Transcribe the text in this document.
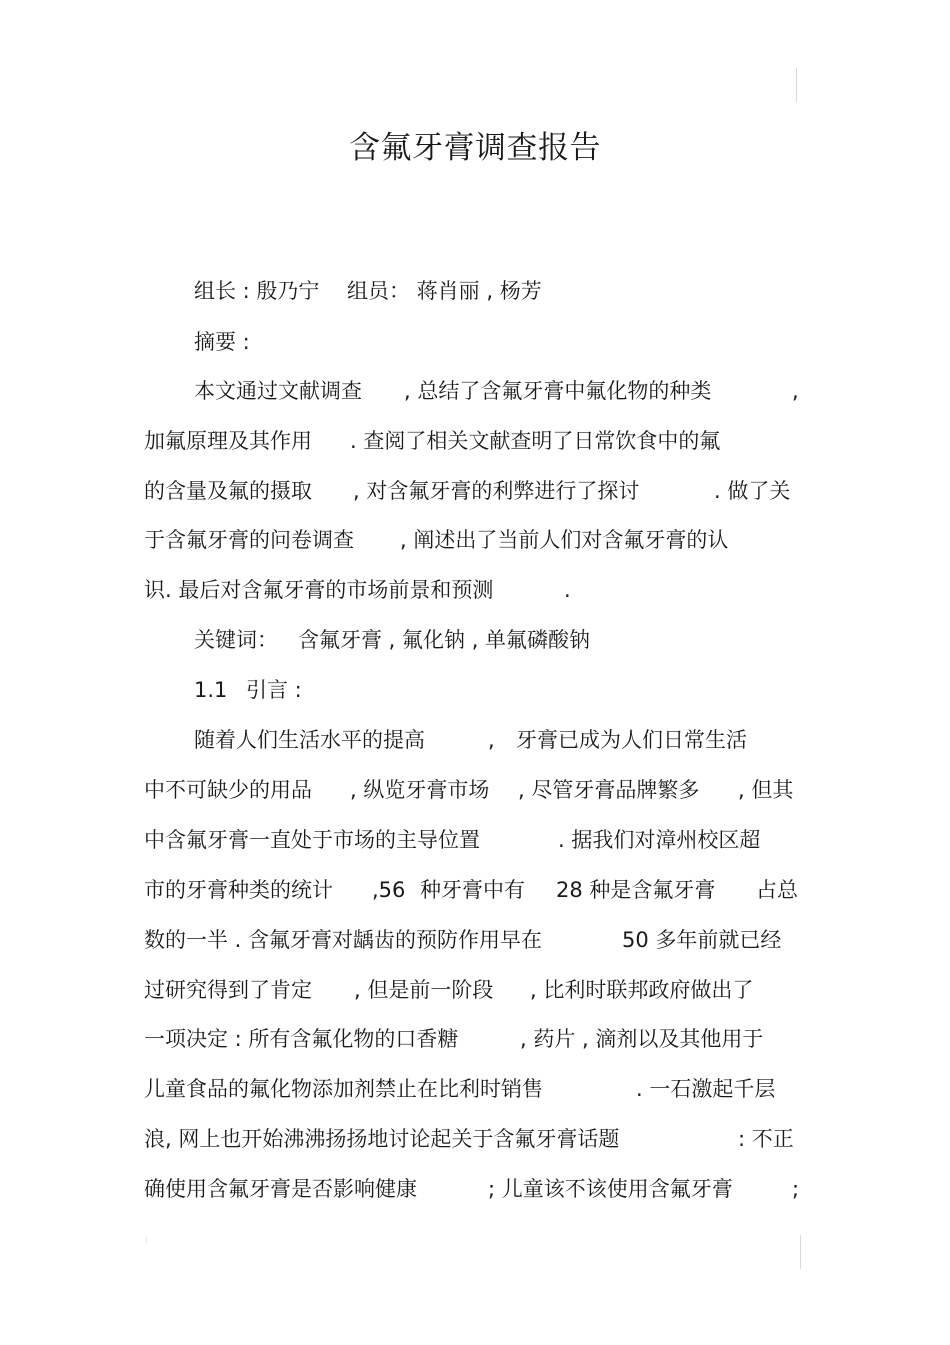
含氟牙膏调查报告
组长 : 殷乃宁 组员： 蒋肖丽 , 杨芳
摘要 :
本文通过文献调查 , 总结了含氟牙膏中氟化物的种类	,
加氟原理及其作用 . 查阅了相关文献查明了日常饮食中的氟
的含量及氟的摄取 , 对含氟牙膏的利弊进行了探讨	. 做了关
于含氟牙膏的问卷调查 , 阐述出了当前人们对含氟牙膏的认
识. 最后对含氟牙膏的市场前景和预测	.
关键词： 含氟牙膏 , 氟化钠 , 单氟磷酸钠
1.1 引言 :
随着人们生活水平的提高	, 牙膏已成为人们日常生活
中不可缺少的用品 , 纵览牙膏市场 , 尽管牙膏品牌繁多 , 但其
中含氟牙膏一直处于市场的主导位置	. 据我们对漳州校区超
市的牙膏种类的统计 ,56 种牙膏中有 28 种是含氟牙膏 占总
数的一半 . 含氟牙膏对龋齿的预防作用早在	50 多年前就已经
过研究得到了肯定 , 但是前一阶段 , 比利时联邦政府做出了
一项决定 : 所有含氟化物的口香糖	, 药片 , 滴剂以及其他用于
儿童食品的氟化物添加剂禁止在比利时销售	. 一石激起千层
浪, 网上也开始沸沸扬扬地讨论起关于含氟牙膏话题	: 不正
确使用含氟牙膏是否影响健康	; 儿童该不该使用含氟牙膏	;
